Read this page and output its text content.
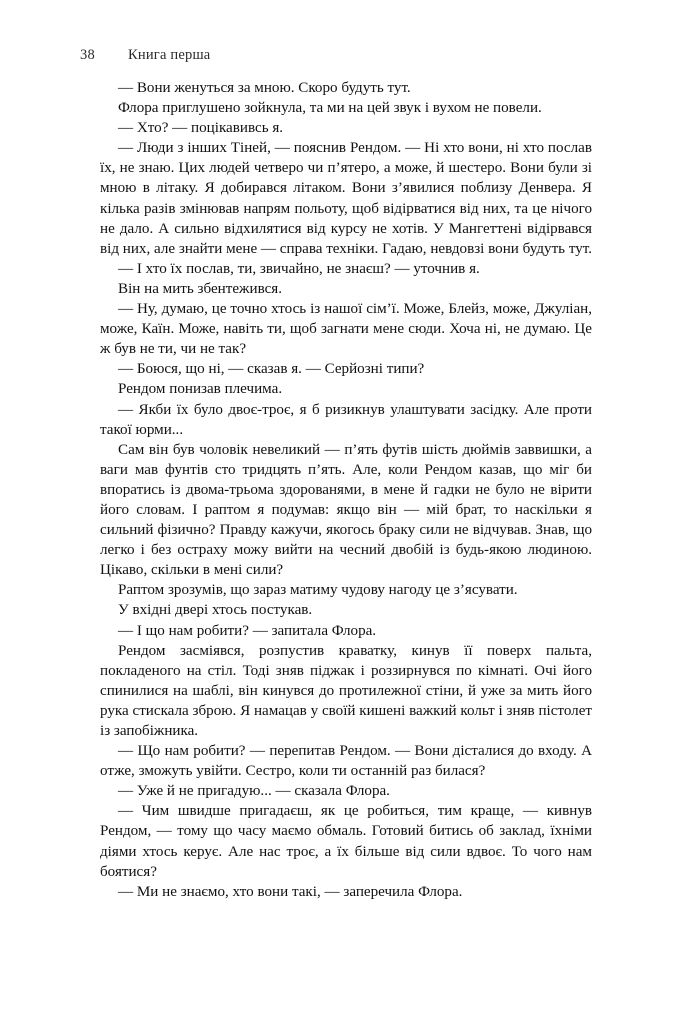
38	Книга перша

— Вони женуться за мною. Скоро будуть тут.

Флора приглушено зойкнула, та ми на цей звук і вухом не повели.

— Хто? — поцікавивсь я.

— Люди з інших Тіней, — пояснив Рендом. — Ні хто вони, ні хто послав їх, не знаю. Цих людей четверо чи п’ятеро, а може, й шестеро. Вони були зі мною в літаку. Я добирався літаком. Вони з’явилися поблизу Денвера. Я кілька разів змінював напрям польоту, щоб відірватися від них, та це нічого не дало. А сильно відхилятися від курсу не хотів. У Мангеттені відірвався від них, але знайти мене — справа техніки. Гадаю, невдовзі вони будуть тут.

— І хто їх послав, ти, звичайно, не знаєш? — уточнив я.

Він на мить збентежився.

— Ну, думаю, це точно хтось із нашої сім’ї. Може, Блейз, може, Джуліан, може, Каїн. Може, навіть ти, щоб загнати мене сюди. Хоча ні, не думаю. Це ж був не ти, чи не так?

— Боюся, що ні, — сказав я. — Серйозні типи?

Рендом понизав плечима.

— Якби їх було двоє-троє, я б ризикнув улаштувати засідку. Але проти такої юрми...

Сам він був чоловік невеликий — п’ять футів шість дюймів заввишки, а ваги мав фунтів сто тридцять п’ять. Але, коли Рендом казав, що міг би впоратись із двома-трьома здорованями, в мене й гадки не було не вірити його словам. І раптом я подумав: якщо він — мій брат, то наскільки я сильний фізично? Правду кажучи, якогось браку сили не відчував. Знав, що легко і без остраху можу вийти на чесний двобій із будь-якою людиною. Цікаво, скільки в мені сили?

Раптом зрозумів, що зараз матиму чудову нагоду це з’ясувати.

У вхідні двері хтось постукав.

— І що нам робити? — запитала Флора.

Рендом засміявся, розпустив краватку, кинув її поверх пальта, покладеного на стіл. Тоді зняв піджак і роззирнувся по кімнаті. Очі його спинилися на шаблі, він кинувся до протилежної стіни, й уже за мить його рука стискала зброю. Я намацав у своїй кишені важкий кольт і зняв пістолет із запобіжника.

— Що нам робити? — перепитав Рендом. — Вони дісталися до входу. А отже, зможуть увійти. Сестро, коли ти останній раз билася?

— Уже й не пригадую... — сказала Флора.

— Чим швидше пригадаєш, як це робиться, тим краще, — кивнув Рендом, — тому що часу маємо обмаль. Готовий битись об заклад, їхніми діями хтось керує. Але нас троє, а їх більше від сили вдвоє. То чого нам боятися?

— Ми не знаємо, хто вони такі, — заперечила Флора.
